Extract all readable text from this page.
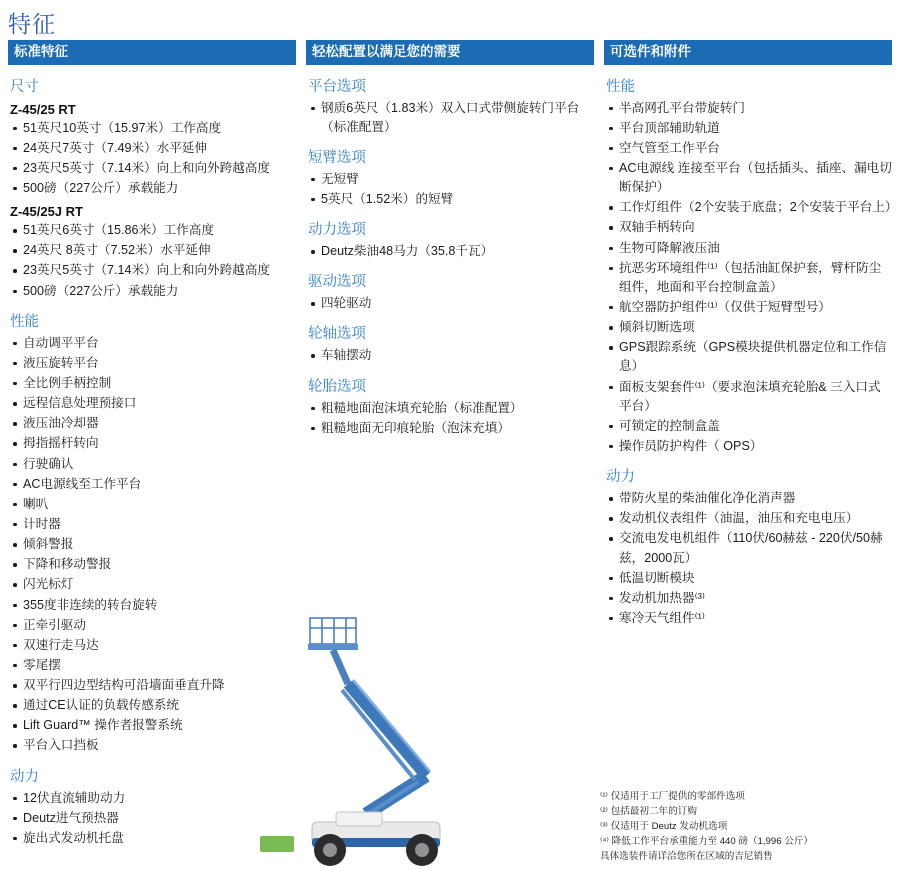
特征
标准特征
尺寸
Z-45/25 RT
51英尺10英寸（15.97米）工作高度
24英尺7英寸（7.49米）水平延伸
23英尺5英寸（7.14米）向上和向外跨越高度
500磅（227公斤）承载能力
Z-45/25J RT
51英尺6英寸（15.86米）工作高度
24英尺 8英寸（7.52米）水平延伸
23英尺5英寸（7.14米）向上和向外跨越高度
500磅（227公斤）承载能力
性能
自动调平平台
液压旋转平台
全比例手柄控制
远程信息处理预接口
液压油冷却器
拇指摇杆转向
行驶确认
AC电源线至工作平台
喇叭
计时器
倾斜警报
下降和移动警报
闪光标灯
355度非连续的转台旋转
正牵引驱动
双速行走马达
零尾摆
双平行四边型结构可沿墙面垂直升降
通过CE认证的负载传感系统
Lift Guard™ 操作者报警系统
平台入口挡板
动力
12伏直流辅助动力
Deutz进气预热器
旋出式发动机托盘
轻松配置以满足您的需要
平台选项
钢质6英尺（1.83米）双入口式带侧旋转门平台（标准配置）
短臂选项
无短臂
5英尺（1.52米）的短臂
动力选项
Deutz柴油48马力（35.8千瓦）
驱动选项
四轮驱动
轮轴选项
车轴摆动
轮胎选项
粗糙地面泡沫填充轮胎（标准配置）
粗糙地面无印痕轮胎（泡沫充填）
可选件和附件
性能
半高网孔平台带旋转门
平台顶部辅助轨道
空气管至工作平台
AC电源线 连接至平台（包括插头、插座、漏电切断保护）
工作灯组件（2个安装于底盘；2个安装于平台上）
双轴手柄转向
生物可降解液压油
抗恶劣环境组件⁽¹⁾（包括油缸保护套，臂杆防尘组件，地面和平台控制盒盖）
航空器防护组件⁽¹⁾（仅供于短臂型号）
倾斜切断选项
GPS跟踪系统（GPS模块提供机器定位和工作信息）
面板支架套件⁽¹⁾（要求泡沫填充轮胎& 三入口式平台）
可锁定的控制盒盖
操作员防护构件（ OPS）
动力
带防火星的柴油催化净化消声器
发动机仪表组件（油温，油压和充电电压）
交流电发电机组件（110伏/60赫兹 - 220伏/50赫兹，2000瓦）
低温切断模块
发动机加热器⁽³⁾
寒冷天气组件⁽¹⁾
⁽¹⁾ 仅适用于工厂提供的零部件选项
⁽²⁾ 包括最初二年的订购
⁽³⁾ 仅适用于 Deutz 发动机选项
⁽⁴⁾ 降低工作平台承重能力至 440 磅（1,996 公斤）
具体选装件请详洽您所在区域的吉尼销售
